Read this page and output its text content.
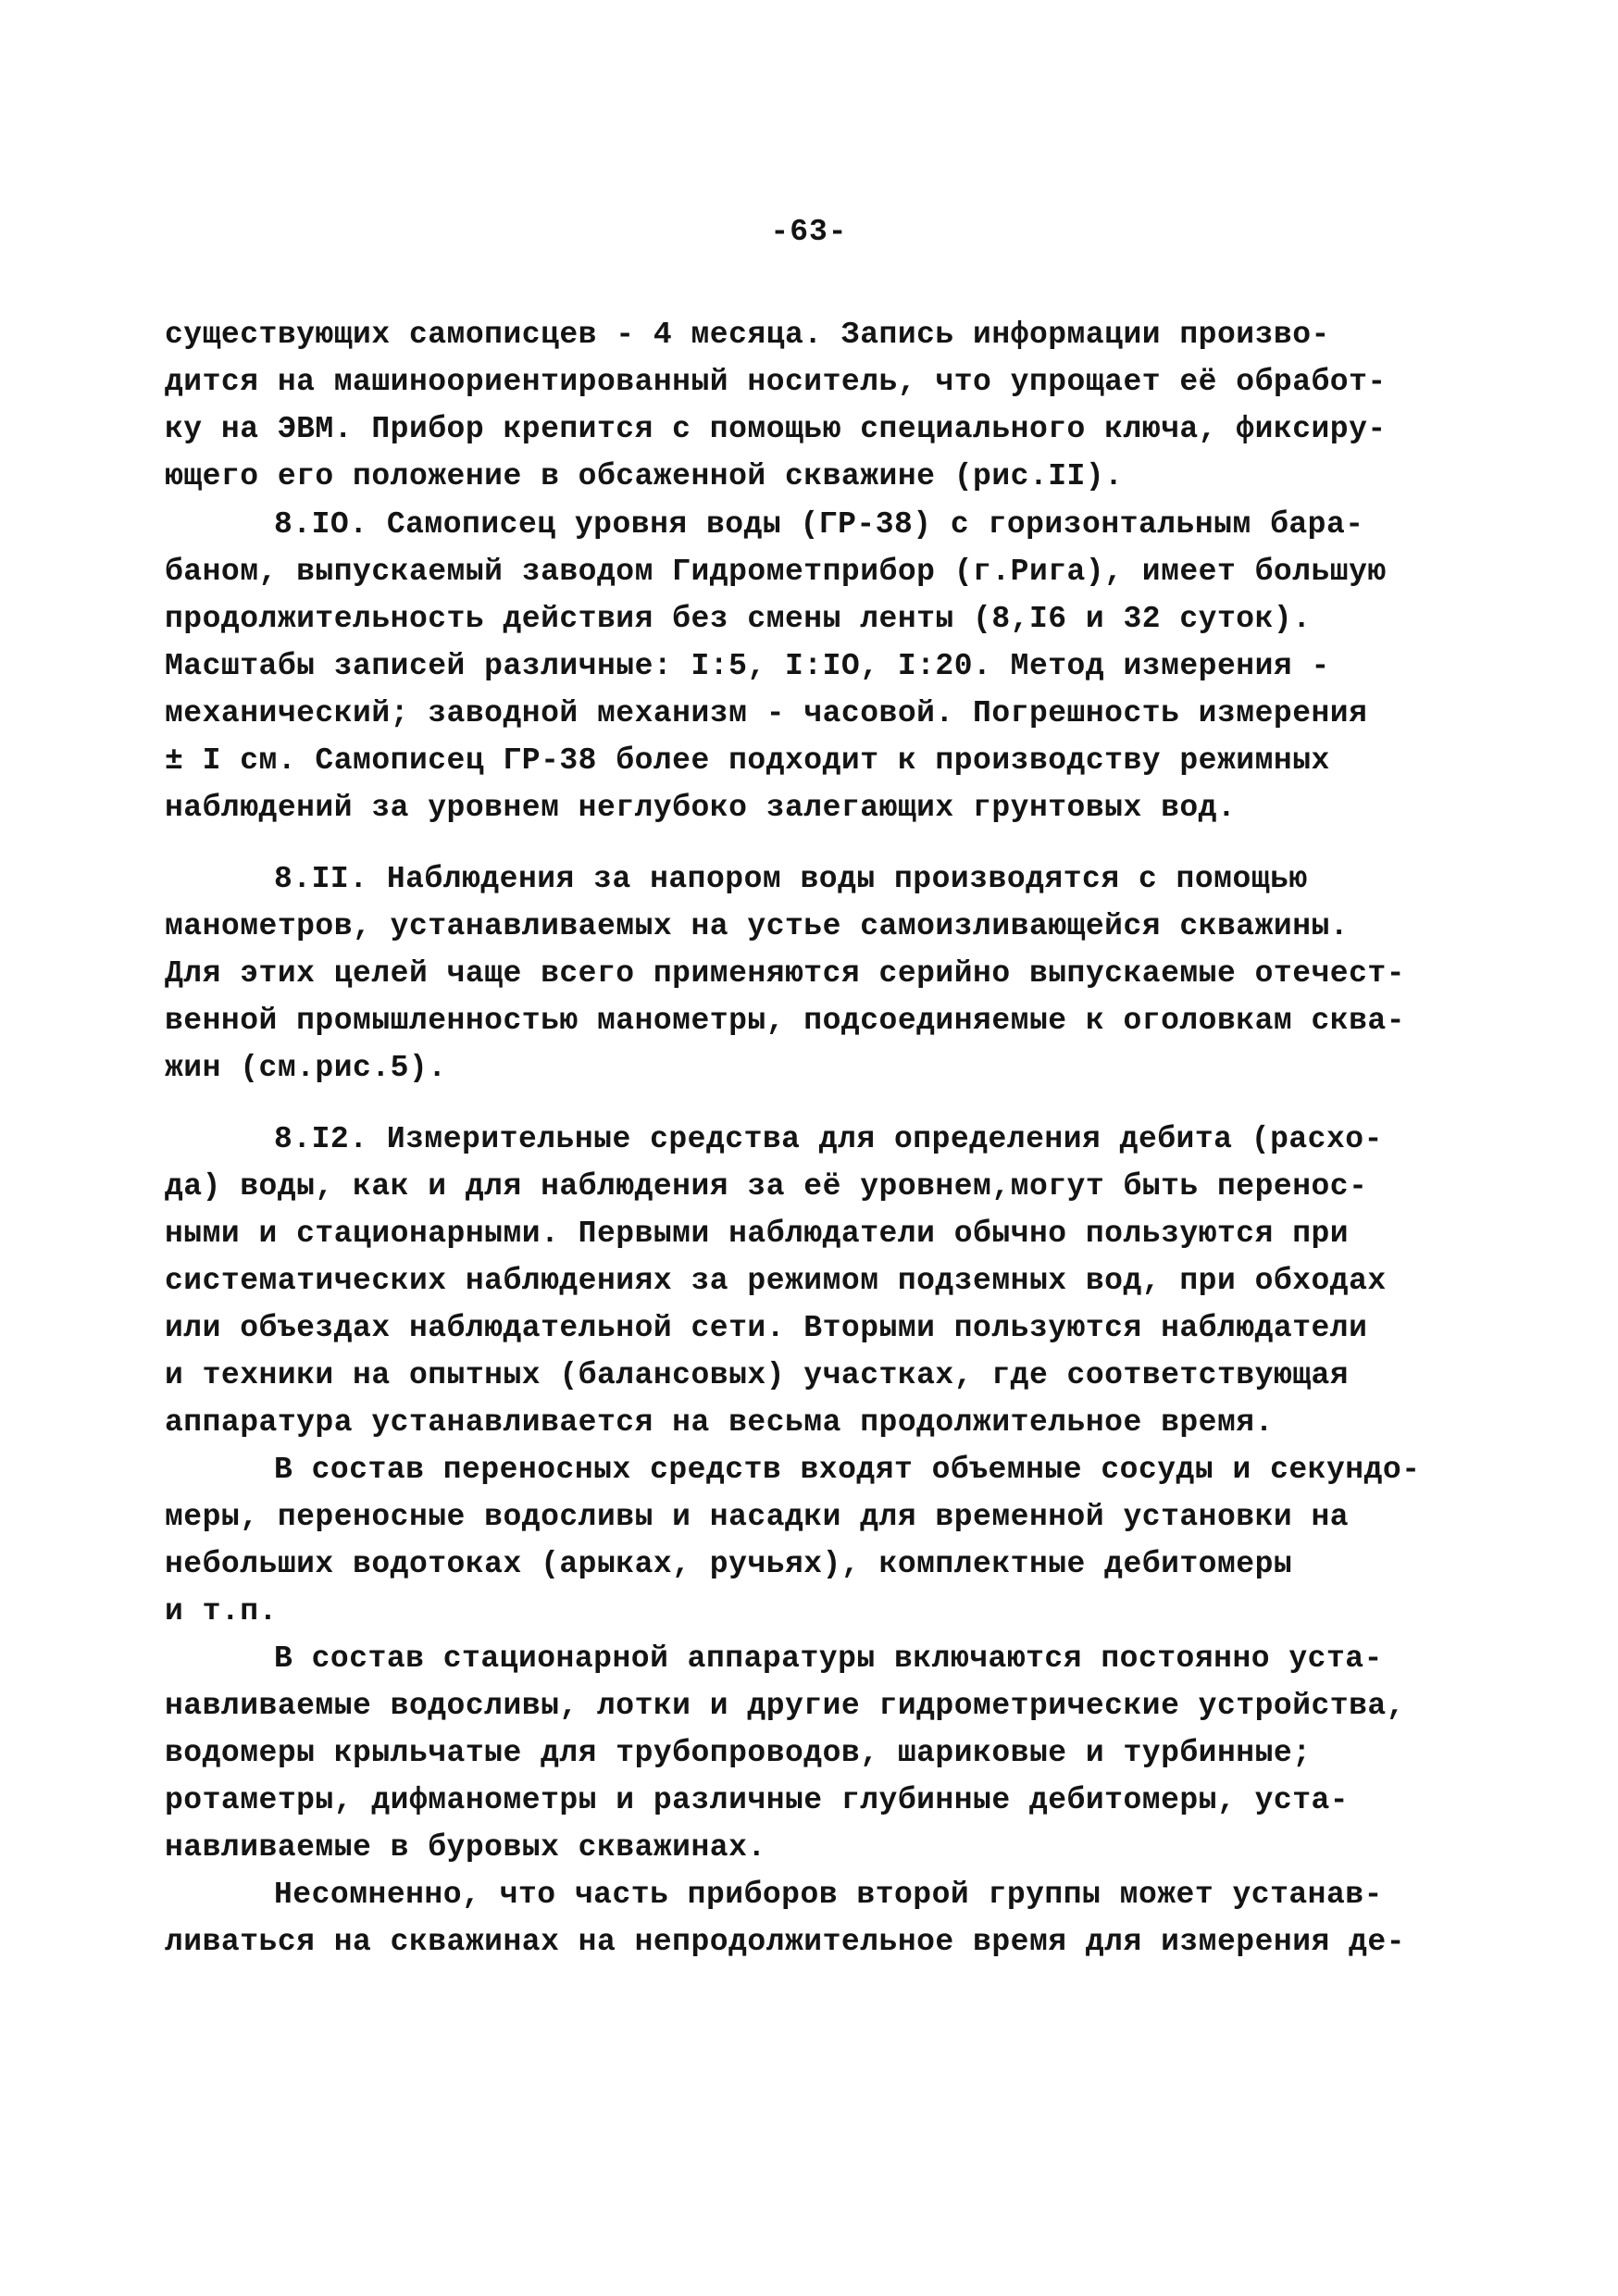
-63-
существующих самописцев - 4 месяца. Запись информации произво-
дится на машиноориентированный носитель, что упрощает её обработ-
ку на ЭВМ. Прибор крепится с помощью специального ключа, фиксиру-
ющего его положение в обсаженной скважине (рис.II).
8.IO. Самописец уровня воды (ГР-38) с горизонтальным бара-
баном, выпускаемый заводом Гидрометприбор (г.Рига), имеет большую
продолжительность действия без смены ленты (8,I6 и 32 суток).
Масштабы записей различные: I:5, I:IO, I:20. Метод измерения -
механический; заводной механизм - часовой. Погрешность измерения
± I см. Самописец ГР-38 более подходит к производству режимных
наблюдений за уровнем неглубоко залегающих грунтовых вод.
8.II. Наблюдения за напором воды производятся с помощью
манометров, устанавливаемых на устье самоизливающейся скважины.
Для этих целей чаще всего применяются серийно выпускаемые отечест-
венной промышленностью манометры, подсоединяемые к оголовкам сква-
жин (см.рис.5).
8.I2. Измерительные средства для определения дебита (расхо-
да) воды, как и для наблюдения за её уровнем,могут быть перенос-
ными и стационарными. Первыми наблюдатели обычно пользуются при
систематических наблюдениях за режимом подземных вод, при обходах
или объездах наблюдательной сети. Вторыми пользуются наблюдатели
и техники на опытных (балансовых) участках, где соответствующая
аппаратура устанавливается на весьма продолжительное время.
В состав переносных средств входят объемные сосуды и секундо-
меры, переносные водосливы и насадки для временной установки на
небольших водотоках (арыках, ручьях), комплектные дебитомеры
и т.п.
В состав стационарной аппаратуры включаются постоянно уста-
навливаемые водосливы, лотки и другие гидрометрические устройства,
водомеры крыльчатые для трубопроводов, шариковые и турбинные;
ротаметры, дифманометры и различные глубинные дебитомеры, уста-
навливаемые в буровых скважинах.
Несомненно, что часть приборов второй группы может устанав-
ливаться на скважинах на непродолжительное время для измерения де-
